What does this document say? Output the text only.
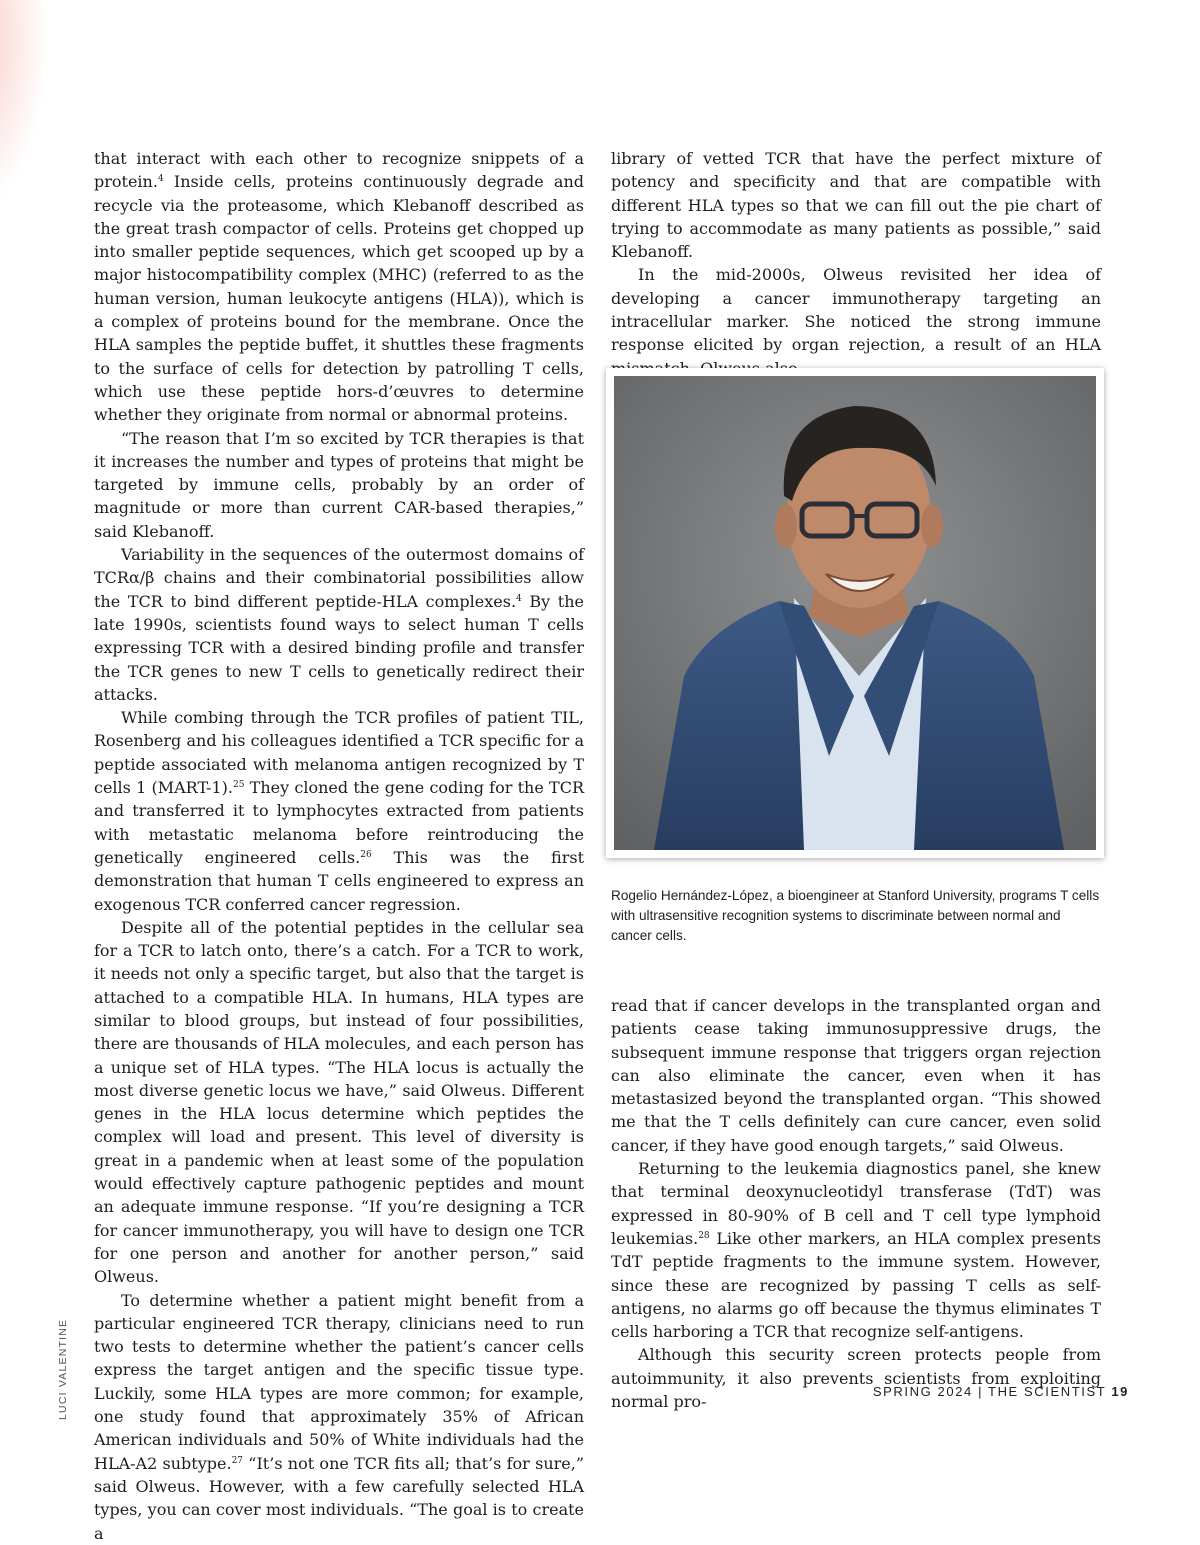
that interact with each other to recognize snippets of a protein.$^4$ Inside cells, proteins continuously degrade and recycle via the proteasome, which Klebanoff described as the great trash compactor of cells. Proteins get chopped up into smaller peptide sequences, which get scooped up by a major histocompatibility complex (MHC) (referred to as the human version, human leukocyte antigens (HLA)), which is a complex of proteins bound for the membrane. Once the HLA samples the peptide buffet, it shuttles these fragments to the surface of cells for detection by patrolling T cells, which use these peptide hors-d’œuvres to determine whether they originate from normal or abnormal proteins.

“The reason that I’m so excited by TCR therapies is that it increases the number and types of proteins that might be targeted by immune cells, probably by an order of magnitude or more than current CAR-based therapies,” said Klebanoff.

Variability in the sequences of the outermost domains of TCRα/β chains and their combinatorial possibilities allow the TCR to bind different peptide-HLA complexes.$^4$ By the late 1990s, scientists found ways to select human T cells expressing TCR with a desired binding profile and transfer the TCR genes to new T cells to genetically redirect their attacks.

While combing through the TCR profiles of patient TIL, Rosenberg and his colleagues identified a TCR specific for a peptide associated with melanoma antigen recognized by T cells 1 (MART-1).$^{25}$ They cloned the gene coding for the TCR and transferred it to lymphocytes extracted from patients with metastatic melanoma before reintroducing the genetically engineered cells.$^{26}$ This was the first demonstration that human T cells engineered to express an exogenous TCR conferred cancer regression.

Despite all of the potential peptides in the cellular sea for a TCR to latch onto, there’s a catch. For a TCR to work, it needs not only a specific target, but also that the target is attached to a compatible HLA. In humans, HLA types are similar to blood groups, but instead of four possibilities, there are thousands of HLA molecules, and each person has a unique set of HLA types. “The HLA locus is actually the most diverse genetic locus we have,” said Olweus. Different genes in the HLA locus determine which peptides the complex will load and present. This level of diversity is great in a pandemic when at least some of the population would effectively capture pathogenic peptides and mount an adequate immune response. “If you’re designing a TCR for cancer immunotherapy, you will have to design one TCR for one person and another for another person,” said Olweus.

To determine whether a patient might benefit from a particular engineered TCR therapy, clinicians need to run two tests to determine whether the patient’s cancer cells express the target antigen and the specific tissue type. Luckily, some HLA types are more common; for example, one study found that approximately 35% of African American individuals and 50% of White individuals had the HLA-A2 subtype.$^{27}$ “It’s not one TCR fits all; that’s for sure,” said Olweus. However, with a few carefully selected HLA types, you can cover most individuals. “The goal is to create a

library of vetted TCR that have the perfect mixture of potency and specificity and that are compatible with different HLA types so that we can fill out the pie chart of trying to accommodate as many patients as possible,” said Klebanoff.

In the mid-2000s, Olweus revisited her idea of developing a cancer immunotherapy targeting an intracellular marker. She noticed the strong immune response elicited by organ rejection, a result of an HLA

Rogelio Hernández-López, a bioengineer at Stanford University, programs T cells with ultrasensitive recognition systems to discriminate between normal and cancer cells.

read that if cancer develops in the transplanted organ and patients cease taking immunosuppressive drugs, the subsequent immune response that triggers organ rejection can also eliminate the cancer, even when it has metastasized beyond the transplanted organ. “This showed me that the T cells definitely can cure cancer, even solid cancer, if they have good enough targets,” said Olweus.

Returning to the leukemia diagnostics panel, she knew that terminal deoxynucleotidyl transferase (TdT) was expressed in 80-90% of B cell and T cell type lymphoid leukemias.$^{28}$ Like other markers, an HLA complex presents TdT peptide fragments to the immune system. However, since these are recognized by passing T cells as self-antigens, no alarms go off because the thymus eliminates T cells harboring a TCR that recognize self-antigens.

Although this security screen protects people from autoimmunity, it also prevents scientists from exploiting normal pro-

LUCI VALENTINE	SPRING 2024 | THE SCIENTIST 19
